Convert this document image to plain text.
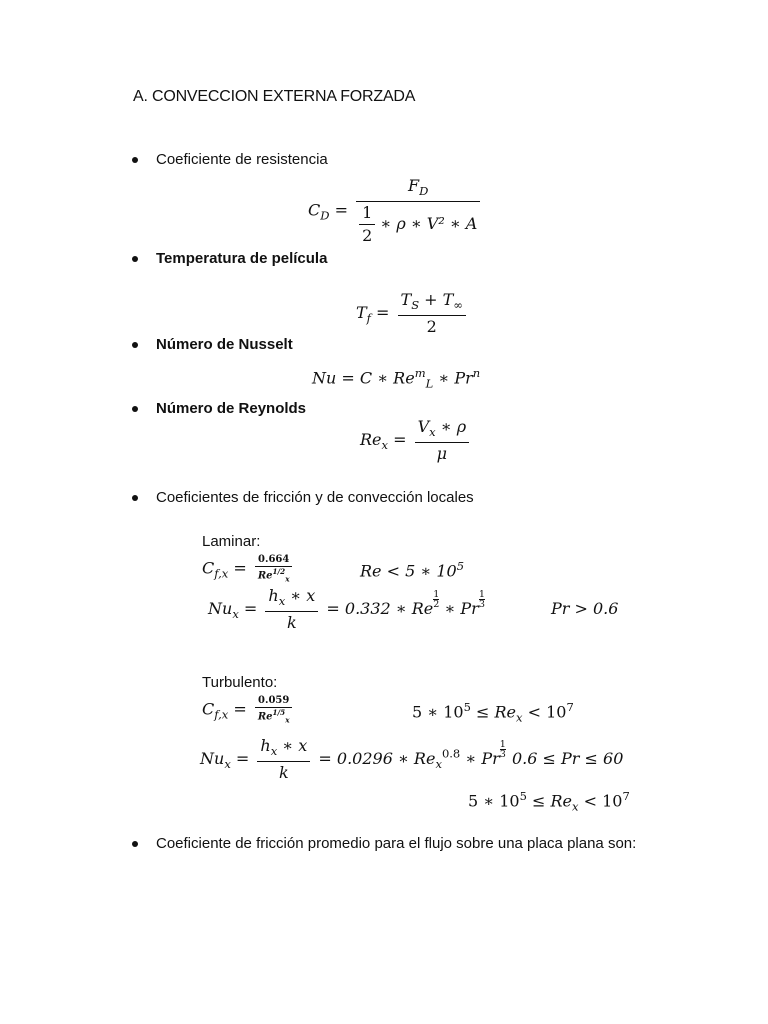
A. CONVECCION EXTERNA FORZADA
Coeficiente de resistencia
$C_D = \frac{F_D}{\frac{1}{2} ∗ \rho ∗ V^2 ∗ A}$
Temperatura de película
$T_f = \frac{T_S + T_\infty}{2}$
Número de Nusselt
Nu = C ∗ $Re^m_L$ ∗ Pr$^n$
Número de Reynolds
$Re_x = \frac{V_x ∗ \rho}{\mu}$
Coeficientes de fricción y de convección locales
Laminar:
$C_{f,x} = \frac{0.664}{Re^{1/2}_x}$	Re < 5 ∗ $10^5$
$Nu_x = \frac{h_x ∗ x}{k} = 0.332$ ∗ Re $\frac{1}{2}$ ∗ Pr $\frac{1}{3}$	Pr > 0.6
Turbulento:
$C_{f,x} = \frac{0.059}{Re^{1/5}_x}$	5 ∗ $10^5 \le Re_x < 10^7$
$Nu_x = \frac{h_x ∗ x}{k} = 0.0296$ ∗ $Re_x^{0.8}$ ∗ Pr $\frac{1}{3} 0.6 \le Pr \le 60$
5 ∗ $10^5 \le Re_x < 10^7$
Coeficiente de fricción promedio para el flujo sobre una placa plana son:
